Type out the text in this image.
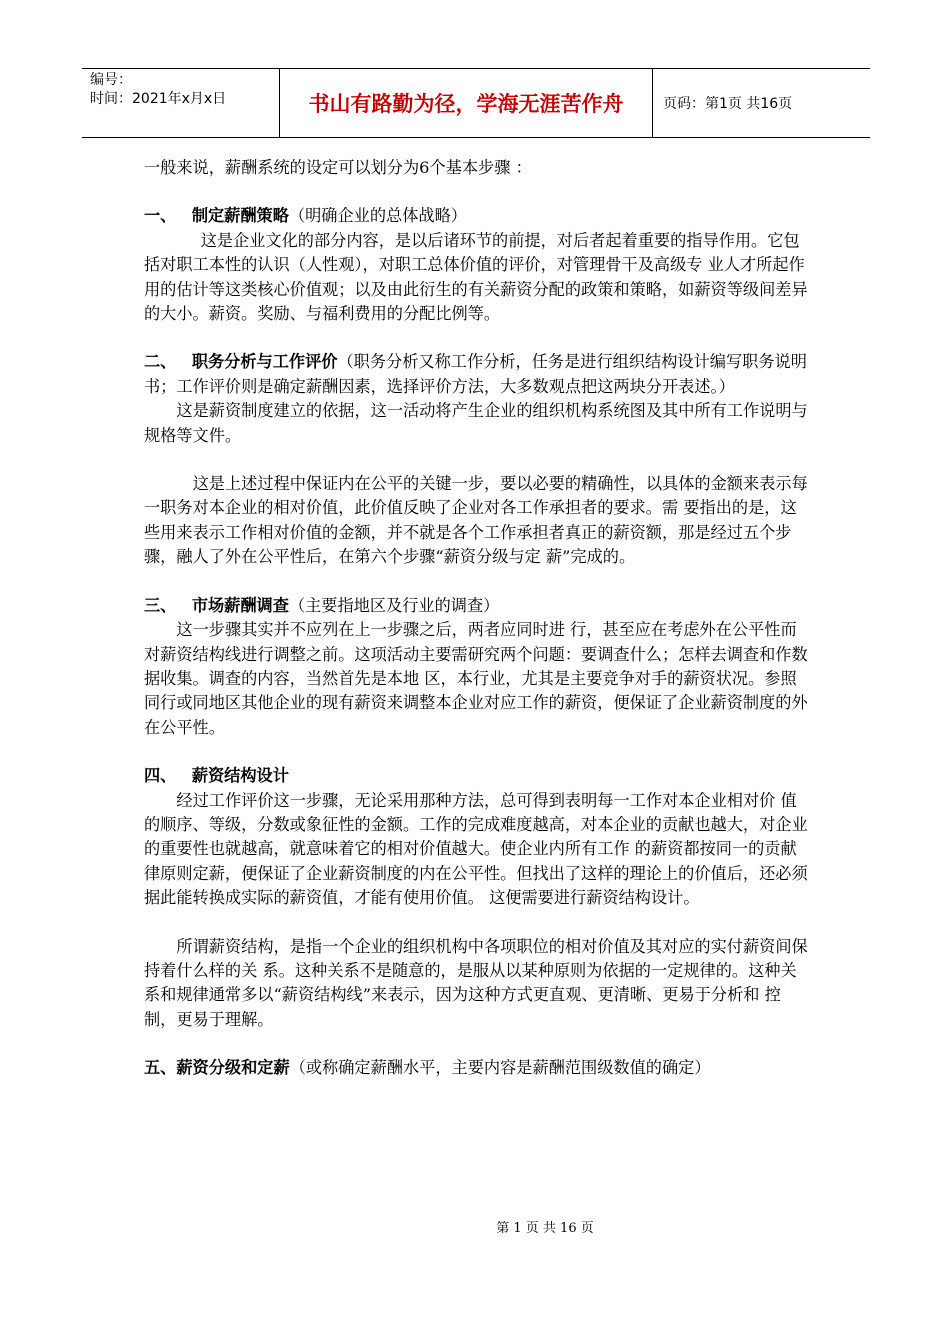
编号：
时间：2021年x月x日	书山有路勤为径，学海无涯苦作舟	页码：第1页 共16页

一般来说，薪酬系统的设定可以划分为6个基本步骤 ：

一、 制定薪酬策略（明确企业的总体战略）

这是企业文化的部分内容，是以后诸环节的前提，对后者起着重要的指导作用。它包括对职工本性的认识（人性观），对职工总体价值的评价，对管理骨干及高级专 业人才所起作用的估计等这类核心价值观；以及由此衍生的有关薪资分配的政策和策略，如薪资等级间差异的大小。薪资。奖励、与福利费用的分配比例等。

二、 职务分析与工作评价（职务分析又称工作分析，任务是进行组织结构设计编写职务说明书；工作评价则是确定薪酬因素，选择评价方法，大多数观点把这两块分开表述。）

这是薪资制度建立的依据，这一活动将产生企业的组织机构系统图及其中所有工作说明与规格等文件。

这是上述过程中保证内在公平的关键一步，要以必要的精确性，以具体的金额来表示每一职务对本企业的相对价值，此价值反映了企业对各工作承担者的要求。需 要指出的是，这些用来表示工作相对价值的金额，并不就是各个工作承担者真正的薪资额，那是经过五个步骤，融人了外在公平性后，在第六个步骤“薪资分级与定 薪”完成的。

三、 市场薪酬调查（主要指地区及行业的调查）

这一步骤其实并不应列在上一步骤之后，两者应同时进 行，甚至应在考虑外在公平性而对薪资结构线进行调整之前。这项活动主要需研究两个问题：要调查什么；怎样去调查和作数据收集。调查的内容，当然首先是本地 区，本行业，尤其是主要竞争对手的薪资状况。参照同行或同地区其他企业的现有薪资来调整本企业对应工作的薪资，便保证了企业薪资制度的外在公平性。

四、 薪资结构设计

经过工作评价这一步骤，无论采用那种方法，总可得到表明每一工作对本企业相对价 值的顺序、等级，分数或象征性的金额。工作的完成难度越高，对本企业的贡献也越大，对企业的重要性也就越高，就意味着它的相对价值越大。使企业内所有工作 的薪资都按同一的贡献律原则定薪，便保证了企业薪资制度的内在公平性。但找出了这样的理论上的价值后，还必须据此能转换成实际的薪资值，才能有使用价值。 这便需要进行薪资结构设计。

所谓薪资结构，是指一个企业的组织机构中各项职位的相对价值及其对应的实付薪资间保持着什么样的关 系。这种关系不是随意的，是服从以某种原则为依据的一定规律的。这种关系和规律通常多以“薪资结构线”来表示，因为这种方式更直观、更清晰、更易于分析和 控制，更易于理解。

五、薪资分级和定薪（或称确定薪酬水平，主要内容是薪酬范围级数值的确定）

第 1 页 共 16 页
